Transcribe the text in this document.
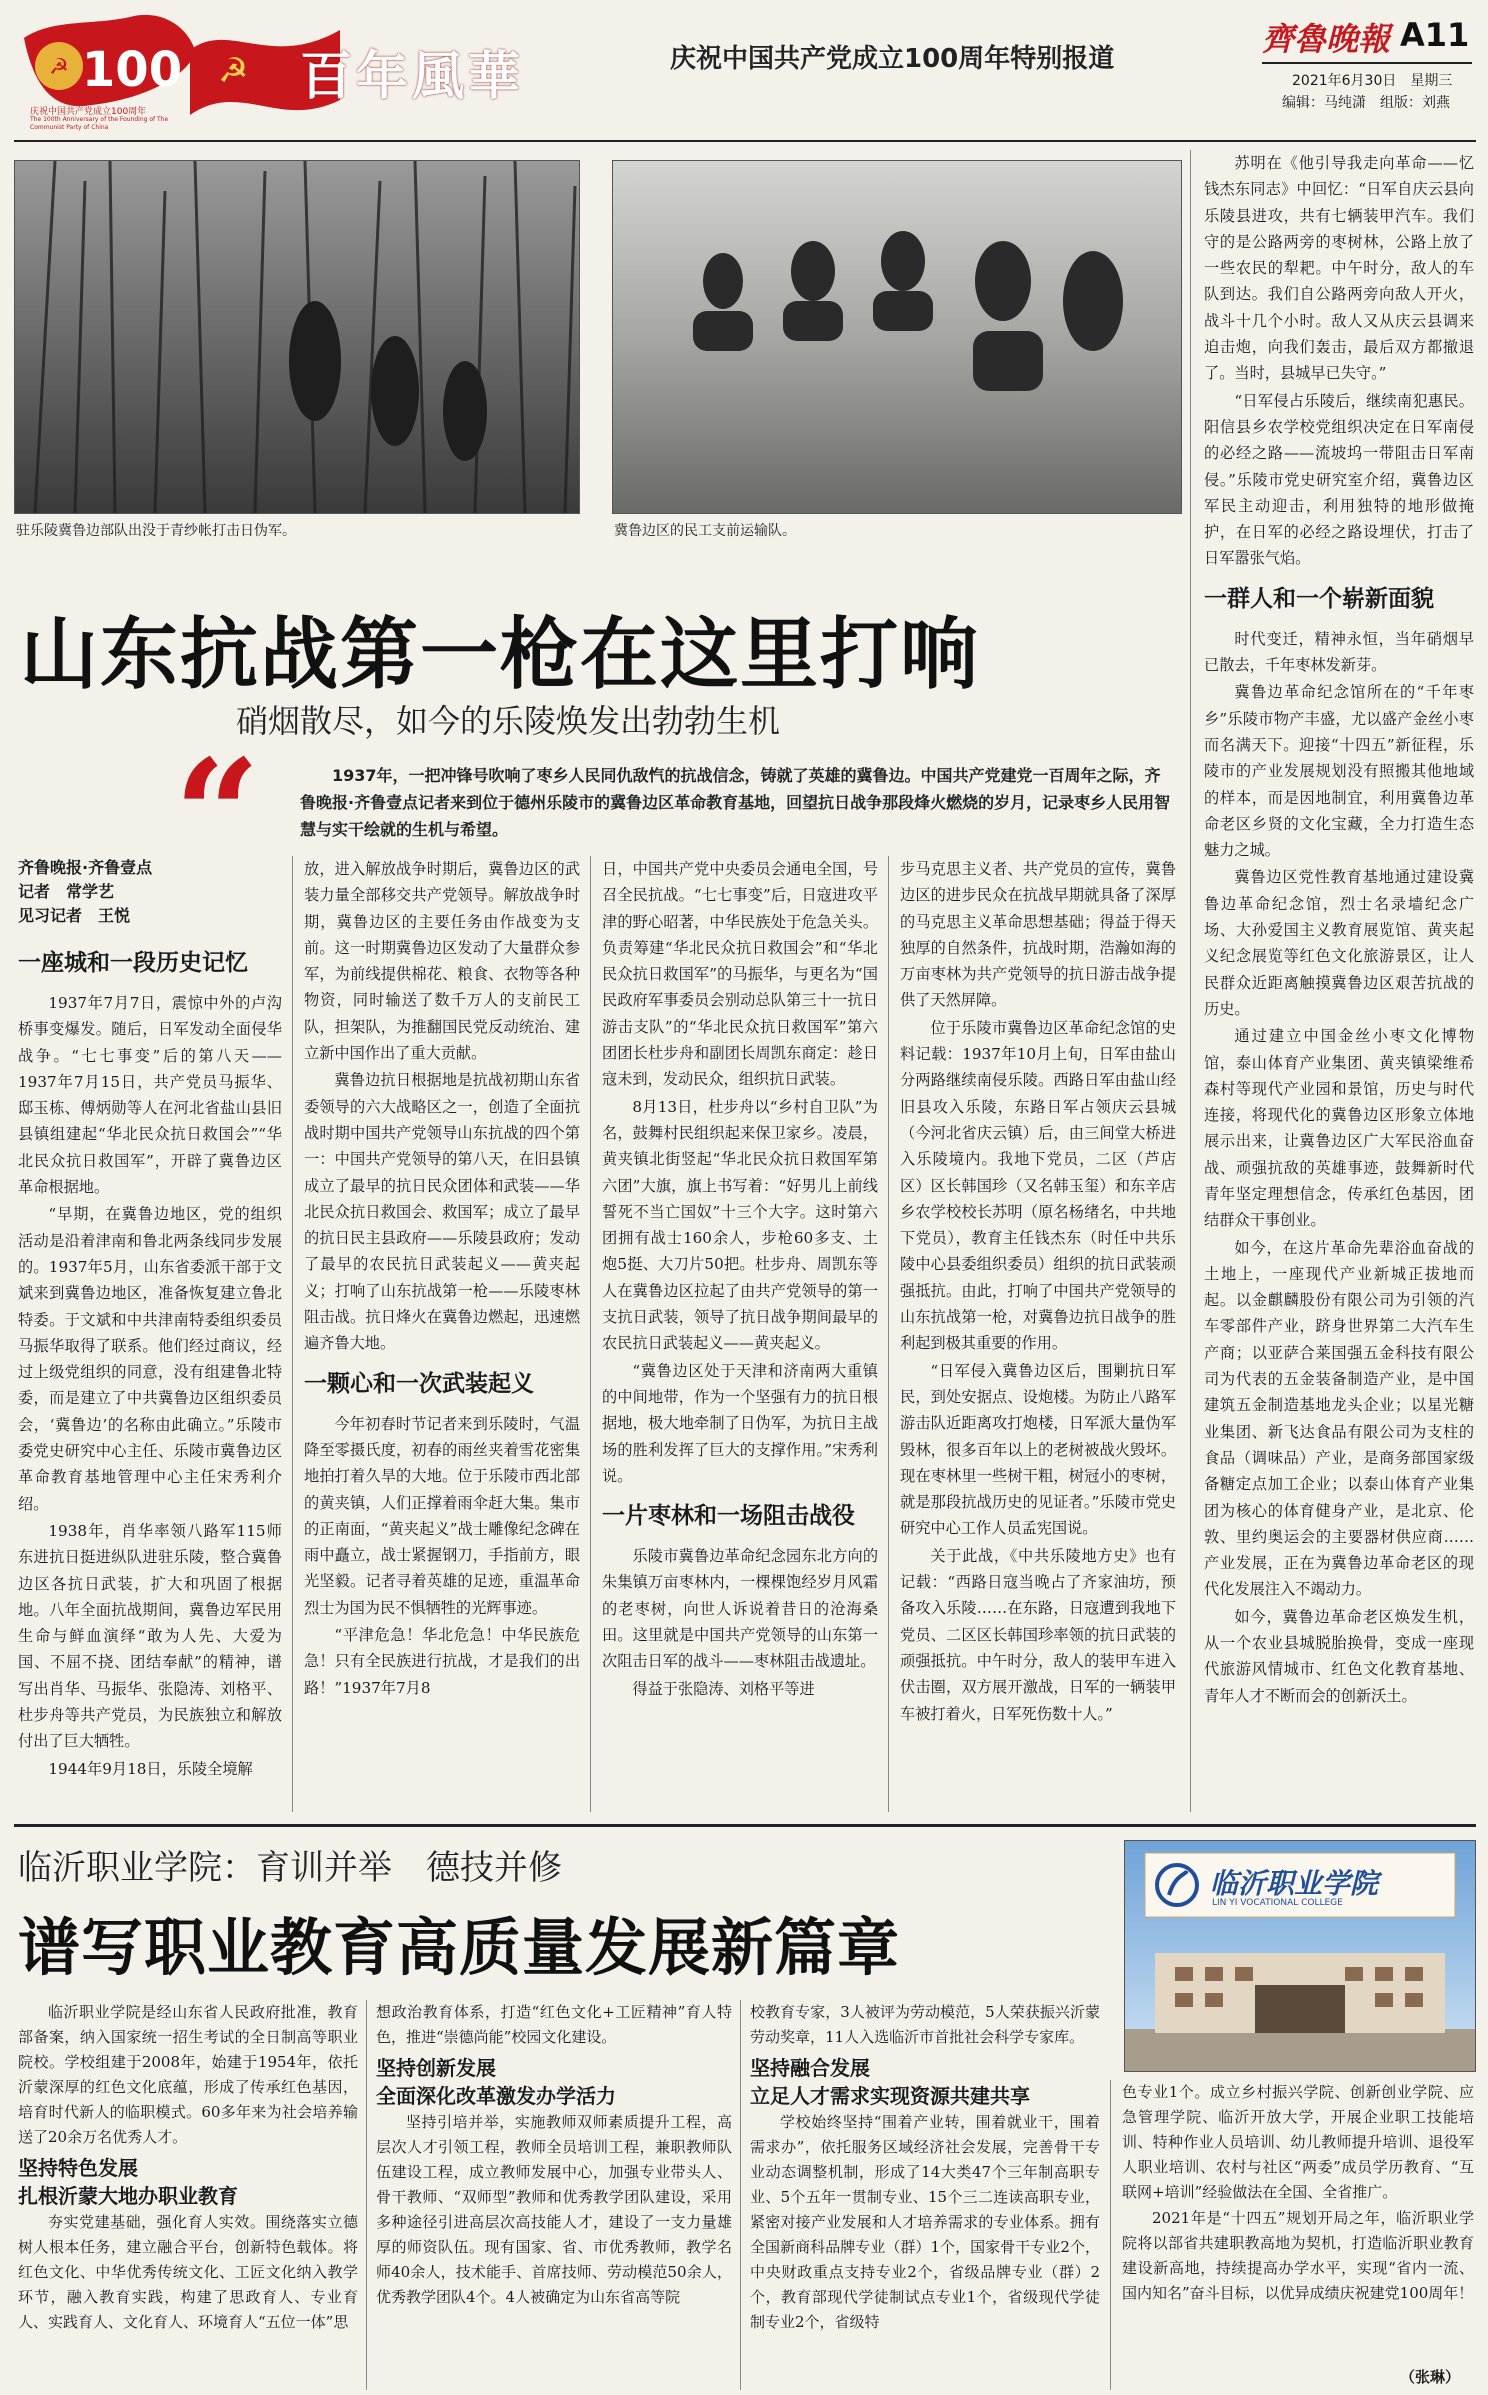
☭ 100
庆祝中国共产党成立100周年
The 100th Anniversary of the Founding of The Communist Party of China
☭ 百年風華	庆祝中国共产党成立100周年特别报道
齊魯晚報 A11
2021年6月30日　星期三
编辑：马纯潇　组版：刘燕
驻乐陵冀鲁边部队出没于青纱帐打击日伪军。	冀鲁边区的民工支前运输队。
山东抗战第一枪在这里打响
硝烟散尽，如今的乐陵焕发出勃勃生机
“	1937年，一把冲锋号吹响了枣乡人民同仇敌忾的抗战信念，铸就了英雄的冀鲁边。中国共产党建党一百周年之际，齐鲁晚报·齐鲁壹点记者来到位于德州乐陵市的冀鲁边区革命教育基地，回望抗日战争那段烽火燃烧的岁月，记录枣乡人民用智慧与实干绘就的生机与希望。
齐鲁晚报·齐鲁壹点
记者　常学艺
见习记者　王悦
一座城和一段历史记忆

1937年7月7日，震惊中外的卢沟桥事变爆发。随后，日军发动全面侵华战争。“七七事变”后的第八天——1937年7月15日，共产党员马振华、邸玉栋、傅炳勋等人在河北省盐山县旧县镇组建起“华北民众抗日救国会”“华北民众抗日救国军”，开辟了冀鲁边区革命根据地。

“早期，在冀鲁边地区，党的组织活动是沿着津南和鲁北两条线同步发展的。1937年5月，山东省委派干部于文斌来到冀鲁边地区，准备恢复建立鲁北特委。于文斌和中共津南特委组织委员马振华取得了联系。他们经过商议，经过上级党组织的同意，没有组建鲁北特委，而是建立了中共冀鲁边区组织委员会，‘冀鲁边’的名称由此确立。”乐陵市委党史研究中心主任、乐陵市冀鲁边区革命教育基地管理中心主任宋秀利介绍。

1938年，肖华率领八路军115师东进抗日挺进纵队进驻乐陵，整合冀鲁边区各抗日武装，扩大和巩固了根据地。八年全面抗战期间，冀鲁边军民用生命与鲜血演绎“敢为人先、大爱为国、不屈不挠、团结奉献”的精神，谱写出肖华、马振华、张隐涛、刘格平、杜步舟等共产党员，为民族独立和解放付出了巨大牺牲。

1944年9月18日，乐陵全境解

放，进入解放战争时期后，冀鲁边区的武装力量全部移交共产党领导。解放战争时期，冀鲁边区的主要任务由作战变为支前。这一时期冀鲁边区发动了大量群众参军，为前线提供棉花、粮食、衣物等各种物资，同时输送了数千万人的支前民工队，担架队，为推翻国民党反动统治、建立新中国作出了重大贡献。

冀鲁边抗日根据地是抗战初期山东省委领导的六大战略区之一，创造了全面抗战时期中国共产党领导山东抗战的四个第一：中国共产党领导的第八天，在旧县镇成立了最早的抗日民众团体和武装——华北民众抗日救国会、救国军；成立了最早的抗日民主县政府——乐陵县政府；发动了最早的农民抗日武装起义——黄夹起义；打响了山东抗战第一枪——乐陵枣林阻击战。抗日烽火在冀鲁边燃起，迅速燃遍齐鲁大地。

一颗心和一次武装起义

今年初春时节记者来到乐陵时，气温降至零摄氏度，初春的雨丝夹着雪花密集地拍打着久旱的大地。位于乐陵市西北部的黄夹镇，人们正撑着雨伞赶大集。集市的正南面，“黄夹起义”战士雕像纪念碑在雨中矗立，战士紧握钢刀，手指前方，眼光坚毅。记者寻着英雄的足迹，重温革命烈士为国为民不惧牺牲的光辉事迹。

“平津危急！华北危急！中华民族危急！只有全民族进行抗战，才是我们的出路！”1937年7月8

日，中国共产党中央委员会通电全国，号召全民抗战。“七七事变”后，日寇进攻平津的野心昭著，中华民族处于危急关头。负责筹建“华北民众抗日救国会”和“华北民众抗日救国军”的马振华，与更名为“国民政府军事委员会别动总队第三十一抗日游击支队”的“华北民众抗日救国军”第六团团长杜步舟和副团长周凯东商定：趁日寇未到，发动民众，组织抗日武装。

8月13日，杜步舟以“乡村自卫队”为名，鼓舞村民组织起来保卫家乡。凌晨，黄夹镇北街竖起“华北民众抗日救国军第六团”大旗，旗上书写着：“好男儿上前线誓死不当亡国奴”十三个大字。这时第六团拥有战士160余人，步枪60多支、土炮5挺、大刀片50把。杜步舟、周凯东等人在冀鲁边区拉起了由共产党领导的第一支抗日武装，领导了抗日战争期间最早的农民抗日武装起义——黄夹起义。

“冀鲁边区处于天津和济南两大重镇的中间地带，作为一个坚强有力的抗日根据地，极大地牵制了日伪军，为抗日主战场的胜利发挥了巨大的支撑作用。”宋秀利说。

一片枣林和一场阻击战役

乐陵市冀鲁边革命纪念园东北方向的朱集镇万亩枣林内，一棵棵饱经岁月风霜的老枣树，向世人诉说着昔日的沧海桑田。这里就是中国共产党领导的山东第一次阻击日军的战斗——枣林阻击战遗址。

得益于张隐涛、刘格平等进

步马克思主义者、共产党员的宣传，冀鲁边区的进步民众在抗战早期就具备了深厚的马克思主义革命思想基础；得益于得天独厚的自然条件，抗战时期，浩瀚如海的万亩枣林为共产党领导的抗日游击战争提供了天然屏障。

位于乐陵市冀鲁边区革命纪念馆的史料记载：1937年10月上旬，日军由盐山分两路继续南侵乐陵。西路日军由盐山经旧县攻入乐陵，东路日军占领庆云县城（今河北省庆云镇）后，由三间堂大桥进入乐陵境内。我地下党员，二区（芦店区）区长韩国珍（又名韩玉玺）和东辛店乡农学校校长苏明（原名杨绪名，中共地下党员），教育主任钱杰东（时任中共乐陵中心县委组织委员）组织的抗日武装顽强抵抗。由此，打响了中国共产党领导的山东抗战第一枪，对冀鲁边抗日战争的胜利起到极其重要的作用。

“日军侵入冀鲁边区后，围剿抗日军民，到处安据点、设炮楼。为防止八路军游击队近距离攻打炮楼，日军派大量伪军毁林，很多百年以上的老树被战火毁坏。现在枣林里一些树干粗，树冠小的枣树，就是那段抗战历史的见证者。”乐陵市党史研究中心工作人员孟宪国说。

关于此战，《中共乐陵地方史》也有记载：“西路日寇当晚占了齐家油坊，预备攻入乐陵……在东路，日寇遭到我地下党员、二区区长韩国珍率领的抗日武装的顽强抵抗。中午时分，敌人的装甲车进入伏击圈，双方展开激战，日军的一辆装甲车被打着火，日军死伤数十人。”

苏明在《他引导我走向革命——忆钱杰东同志》中回忆：“日军自庆云县向乐陵县进攻，共有七辆装甲汽车。我们守的是公路两旁的枣树林，公路上放了一些农民的犁耙。中午时分，敌人的车队到达。我们自公路两旁向敌人开火，战斗十几个小时。敌人又从庆云县调来迫击炮，向我们轰击，最后双方都撤退了。当时，县城早已失守。”

“日军侵占乐陵后，继续南犯惠民。阳信县乡农学校党组织决定在日军南侵的必经之路——流坡坞一带阻击日军南侵。”乐陵市党史研究室介绍，冀鲁边区军民主动迎击，利用独特的地形做掩护，在日军的必经之路设埋伏，打击了日军嚣张气焰。

一群人和一个崭新面貌

时代变迁，精神永恒，当年硝烟早已散去，千年枣林发新芽。

冀鲁边革命纪念馆所在的“千年枣乡”乐陵市物产丰盛，尤以盛产金丝小枣而名满天下。迎接“十四五”新征程，乐陵市的产业发展规划没有照搬其他地域的样本，而是因地制宜，利用冀鲁边革命老区乡贤的文化宝藏，全力打造生态魅力之城。

冀鲁边区党性教育基地通过建设冀鲁边革命纪念馆，烈士名录墙纪念广场、大孙爱国主义教育展览馆、黄夹起义纪念展览等红色文化旅游景区，让人民群众近距离触摸冀鲁边区艰苦抗战的历史。

通过建立中国金丝小枣文化博物馆，泰山体育产业集团、黄夹镇梁维希森村等现代产业园和景馆，历史与时代连接，将现代化的冀鲁边区形象立体地展示出来，让冀鲁边区广大军民浴血奋战、顽强抗敌的英雄事迹，鼓舞新时代青年坚定理想信念，传承红色基因，团结群众干事创业。

如今，在这片革命先辈浴血奋战的土地上，一座现代产业新城正拔地而起。以金麒麟股份有限公司为引领的汽车零部件产业，跻身世界第二大汽车生产商；以亚萨合莱国强五金科技有限公司为代表的五金装备制造产业，是中国建筑五金制造基地龙头企业；以星光糖业集团、新飞达食品有限公司为支柱的食品（调味品）产业，是商务部国家级备糖定点加工企业；以泰山体育产业集团为核心的体育健身产业，是北京、伦敦、里约奥运会的主要器材供应商……产业发展，正在为冀鲁边革命老区的现代化发展注入不竭动力。

如今，冀鲁边革命老区焕发生机，从一个农业县城脱胎换骨，变成一座现代旅游风情城市、红色文化教育基地、青年人才不断而会的创新沃土。

临沂职业学院：育训并举　德技并修
谱写职业教育高质量发展新篇章
临沂职业学院
LIN YI VOCATIONAL COLLEGE

临沂职业学院是经山东省人民政府批准，教育部备案，纳入国家统一招生考试的全日制高等职业院校。学校组建于2008年，始建于1954年，依托沂蒙深厚的红色文化底蕴，形成了传承红色基因，培育时代新人的临职模式。60多年来为社会培养输送了20余万名优秀人才。

坚持特色发展
扎根沂蒙大地办职业教育

夯实党建基础，强化育人实效。围绕落实立德树人根本任务，建立融合平台，创新特色载体。将红色文化、中华优秀传统文化、工匠文化纳入教学环节，融入教育实践，构建了思政育人、专业育人、实践育人、文化育人、环境育人“五位一体”思

想政治教育体系，打造“红色文化+工匠精神”育人特色，推进“崇德尚能”校园文化建设。

坚持创新发展
全面深化改革激发办学活力

坚持引培并举，实施教师双师素质提升工程，高层次人才引领工程，教师全员培训工程，兼职教师队伍建设工程，成立教师发展中心，加强专业带头人、骨干教师、“双师型”教师和优秀教学团队建设，采用多种途径引进高层次高技能人才，建设了一支力量雄厚的师资队伍。现有国家、省、市优秀教师，教学名师40余人，技术能手、首席技师、劳动模范50余人，优秀教学团队4个。4人被确定为山东省高等院

校教育专家，3人被评为劳动模范，5人荣获振兴沂蒙劳动奖章，11人入选临沂市首批社会科学专家库。

坚持融合发展
立足人才需求实现资源共建共享

学校始终坚持“围着产业转，围着就业干，围着需求办”，依托服务区域经济社会发展，完善骨干专业动态调整机制，形成了14大类47个三年制高职专业、5个五年一贯制专业、15个三二连读高职专业，紧密对接产业发展和人才培养需求的专业体系。拥有全国新商科品牌专业（群）1个，国家骨干专业2个，中央财政重点支持专业2个，省级品牌专业（群）2个，教育部现代学徒制试点专业1个，省级现代学徒制专业2个，省级特

色专业1个。成立乡村振兴学院、创新创业学院、应急管理学院、临沂开放大学，开展企业职工技能培训、特种作业人员培训、幼儿教师提升培训、退役军人职业培训、农村与社区“两委”成员学历教育、“互联网+培训”经验做法在全国、全省推广。

2021年是“十四五”规划开局之年，临沂职业学院将以部省共建职教高地为契机，打造临沂职业教育建设新高地，持续提高办学水平，实现“省内一流、国内知名”奋斗目标，以优异成绩庆祝建党100周年！

（张琳）
